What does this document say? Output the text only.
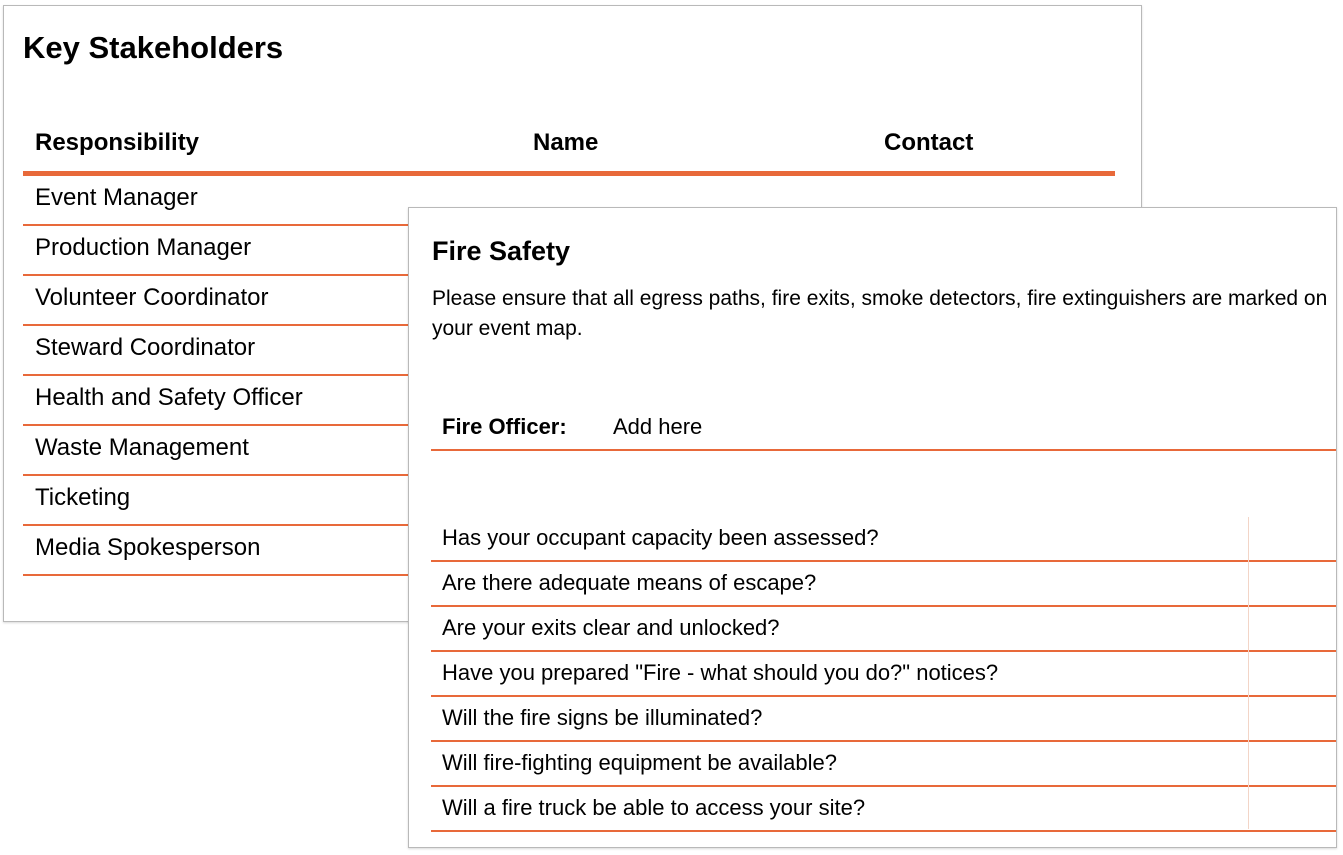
Key Stakeholders
Responsibility	Name	Contact
Event Manager
Production Manager
Volunteer Coordinator
Steward Coordinator
Health and Safety Officer
Waste Management
Ticketing
Media Spokesperson
Fire Safety
Please ensure that all egress paths, fire exits, smoke detectors, fire extinguishers are marked on your event map.
Fire Officer: Add here
Has your occupant capacity been assessed?
Are there adequate means of escape?
Are your exits clear and unlocked?
Have you prepared "Fire - what should you do?" notices?
Will the fire signs be illuminated?
Will fire-fighting equipment be available?
Will a fire truck be able to access your site?
